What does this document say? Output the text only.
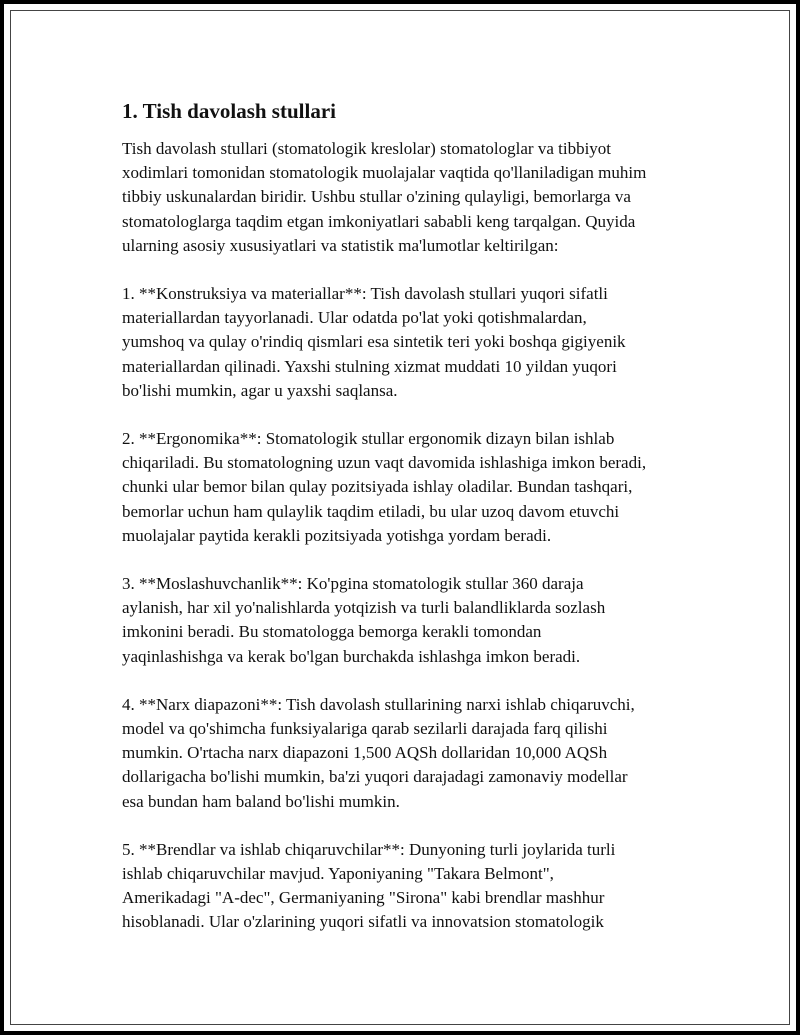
1. Tish davolash stullari

Tish davolash stullari (stomatologik kreslolar) stomatologlar va tibbiyot
xodimlari tomonidan stomatologik muolajalar vaqtida qo'llaniladigan muhim
tibbiy uskunalardan biridir. Ushbu stullar o'zining qulayligi, bemorlarga va
stomatologlarga taqdim etgan imkoniyatlari sababli keng tarqalgan. Quyida
ularning asosiy xususiyatlari va statistik ma'lumotlar keltirilgan:

1. **Konstruksiya va materiallar**: Tish davolash stullari yuqori sifatli
materiallardan tayyorlanadi. Ular odatda po'lat yoki qotishmalardan,
yumshoq va qulay o'rindiq qismlari esa sintetik teri yoki boshqa gigiyenik
materiallardan qilinadi. Yaxshi stulning xizmat muddati 10 yildan yuqori
bo'lishi mumkin, agar u yaxshi saqlansa.

2. **Ergonomika**: Stomatologik stullar ergonomik dizayn bilan ishlab
chiqariladi. Bu stomatologning uzun vaqt davomida ishlashiga imkon beradi,
chunki ular bemor bilan qulay pozitsiyada ishlay oladilar. Bundan tashqari,
bemorlar uchun ham qulaylik taqdim etiladi, bu ular uzoq davom etuvchi
muolajalar paytida kerakli pozitsiyada yotishga yordam beradi.

3. **Moslashuvchanlik**: Ko'pgina stomatologik stullar 360 daraja
aylanish, har xil yo'nalishlarda yotqizish va turli balandliklarda sozlash
imkonini beradi. Bu stomatologga bemorga kerakli tomondan
yaqinlashishga va kerak bo'lgan burchakda ishlashga imkon beradi.

4. **Narx diapazoni**: Tish davolash stullarining narxi ishlab chiqaruvchi,
model va qo'shimcha funksiyalariga qarab sezilarli darajada farq qilishi
mumkin. O'rtacha narx diapazoni 1,500 AQSh dollaridan 10,000 AQSh
dollarigacha bo'lishi mumkin, ba'zi yuqori darajadagi zamonaviy modellar
esa bundan ham baland bo'lishi mumkin.

5. **Brendlar va ishlab chiqaruvchilar**: Dunyoning turli joylarida turli
ishlab chiqaruvchilar mavjud. Yaponiyaning "Takara Belmont",
Amerikadagi "A-dec", Germaniyaning "Sirona" kabi brendlar mashhur
hisoblanadi. Ular o'zlarining yuqori sifatli va innovatsion stomatologik
